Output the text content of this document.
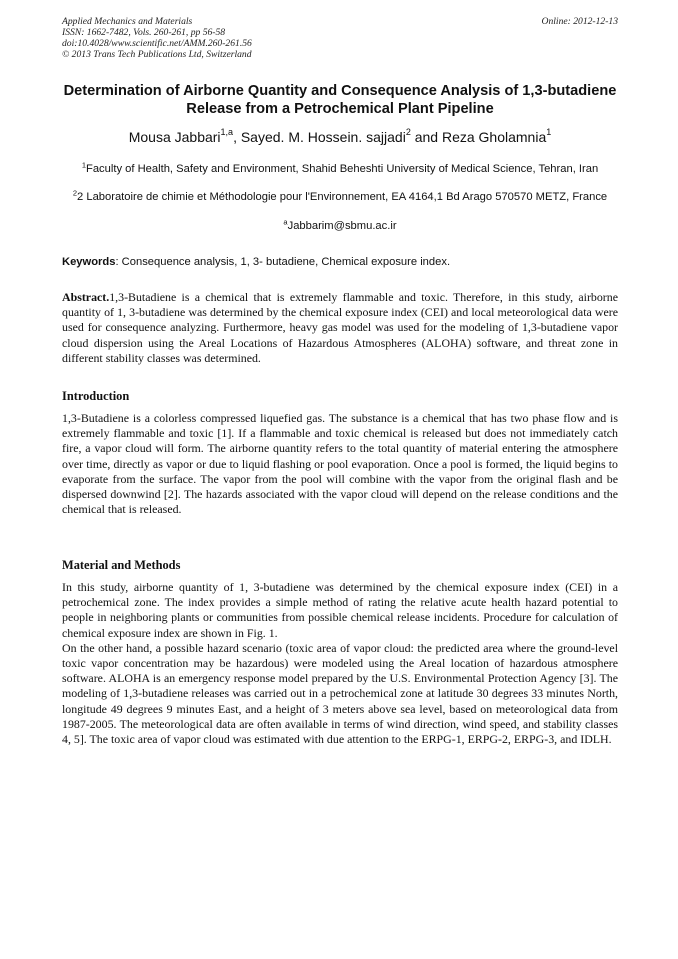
Applied Mechanics and Materials
ISSN: 1662-7482, Vols. 260-261, pp 56-58
doi:10.4028/www.scientific.net/AMM.260-261.56
© 2013 Trans Tech Publications Ltd, Switzerland
Online: 2012-12-13
Determination of Airborne Quantity and Consequence Analysis of 1,3-butadiene Release from a Petrochemical Plant Pipeline
Mousa Jabbari$^{1,a}$, Sayed. M. Hossein. sajjadi$^2$ and Reza Gholamnia$^1$
$^1$Faculty of Health, Safety and Environment, Shahid Beheshti University of Medical Science, Tehran, Iran
$^2$2 Laboratoire de chimie et Méthodologie pour l'Environnement, EA 4164,1 Bd Arago 570570 METZ, France
$^a$Jabbarim@sbmu.ac.ir
Keywords: Consequence analysis, 1, 3- butadiene, Chemical exposure index.

Abstract.1,3-Butadiene is a chemical that is extremely flammable and toxic. Therefore, in this study, airborne quantity of 1, 3-butadiene was determined by the chemical exposure index (CEI) and local meteorological data were used for consequence analyzing. Furthermore, heavy gas model was used for the modeling of 1,3-butadiene vapor cloud dispersion using the Areal Locations of Hazardous Atmospheres (ALOHA) software, and threat zone in different stability classes was determined.

Introduction

1,3-Butadiene is a colorless compressed liquefied gas. The substance is a chemical that has two phase flow and is extremely flammable and toxic [1]. If a flammable and toxic chemical is released but does not immediately catch fire, a vapor cloud will form. The airborne quantity refers to the total quantity of material entering the atmosphere over time, directly as vapor or due to liquid flashing or pool evaporation. Once a pool is formed, the liquid begins to evaporate from the surface. The vapor from the pool will combine with the vapor from the original flash and be dispersed downwind [2]. The hazards associated with the vapor cloud will depend on the release conditions and the chemical that is released.

Material and Methods

In this study, airborne quantity of 1, 3-butadiene was determined by the chemical exposure index (CEI) in a petrochemical zone. The index provides a simple method of rating the relative acute health hazard potential to people in neighboring plants or communities from possible chemical release incidents. Procedure for calculation of chemical exposure index are shown in Fig. 1.

On the other hand, a possible hazard scenario (toxic area of vapor cloud: the predicted area where the ground-level toxic vapor concentration may be hazardous) were modeled using the Areal location of hazardous atmosphere software. ALOHA is an emergency response model prepared by the U.S. Environmental Protection Agency [3]. The modeling of 1,3-butadiene releases was carried out in a petrochemical zone at latitude 30 degrees 33 minutes North, longitude 49 degrees 9 minutes East, and a height of 3 meters above sea level, based on meteorological data from 1987-2005. The meteorological data are often available in terms of wind direction, wind speed, and stability classes 4, 5]. The toxic area of vapor cloud was estimated with due attention to the ERPG-1, ERPG-2, ERPG-3, and IDLH.
